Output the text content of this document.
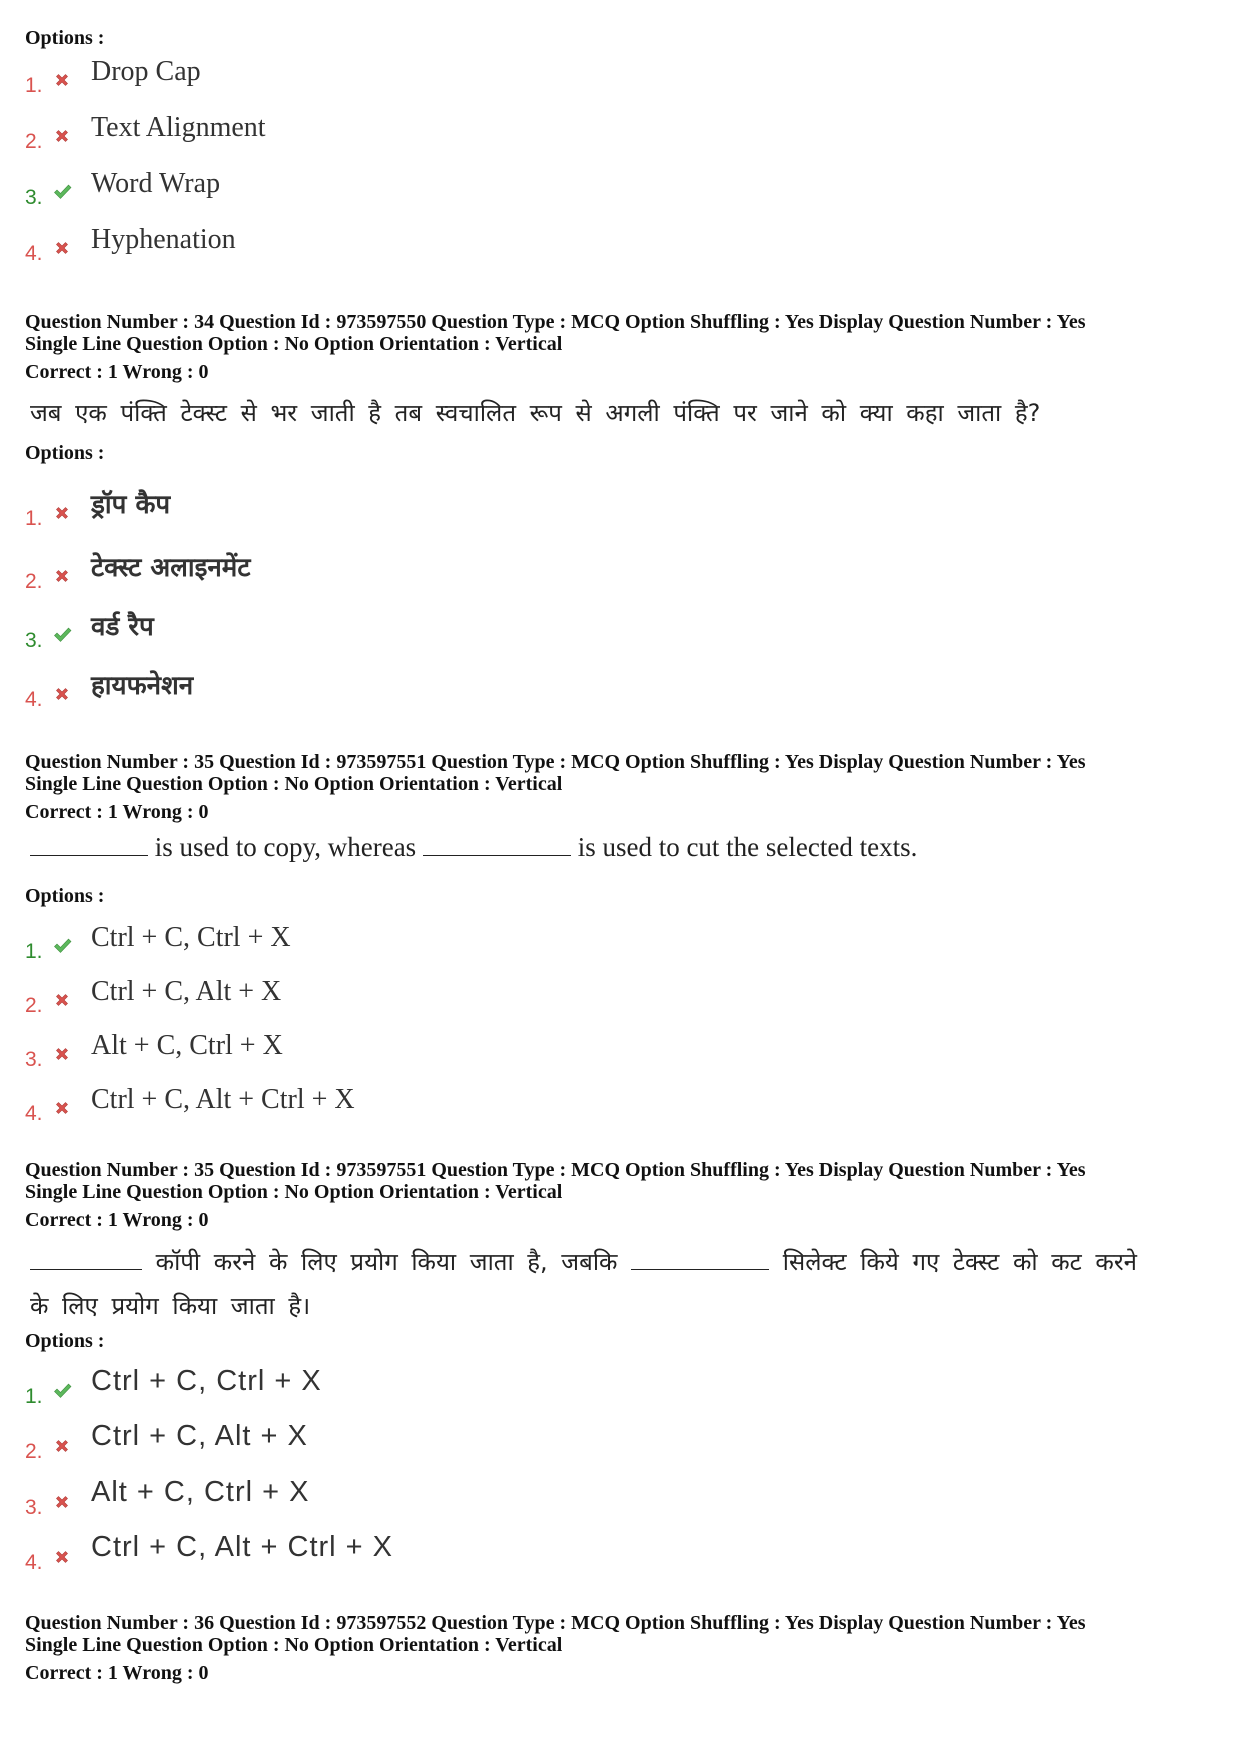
Options :
1. Drop Cap
2. Text Alignment
3. Word Wrap
4. Hyphenation
Question Number : 34 Question Id : 973597550 Question Type : MCQ Option Shuffling : Yes Display Question Number : Yes
Single Line Question Option : No Option Orientation : Vertical
Correct : 1 Wrong : 0
जब एक पंक्ति टेक्स्ट से भर जाती है तब स्वचालित रूप से अगली पंक्ति पर जाने को क्या कहा जाता है?
Options :
1. ड्रॉप कैप
2. टेक्स्ट अलाइनमेंट
3. वर्ड रैप
4. हायफनेशन
Question Number : 35 Question Id : 973597551 Question Type : MCQ Option Shuffling : Yes Display Question Number : Yes
Single Line Question Option : No Option Orientation : Vertical
Correct : 1 Wrong : 0
is used to copy, whereas	is used to cut the selected texts.
Options :
1. Ctrl + C, Ctrl + X
2. Ctrl + C, Alt + X
3. Alt + C, Ctrl + X
4. Ctrl + C, Alt + Ctrl + X
Question Number : 35 Question Id : 973597551 Question Type : MCQ Option Shuffling : Yes Display Question Number : Yes
Single Line Question Option : No Option Orientation : Vertical
Correct : 1 Wrong : 0
कॉपी करने के लिए प्रयोग किया जाता है, जबकि	सिलेक्ट किये गए टेक्स्ट को कट करने
के लिए प्रयोग किया जाता है।
Options :
1. Ctrl + C, Ctrl + X
2. Ctrl + C, Alt + X
3. Alt + C, Ctrl + X
4. Ctrl + C, Alt + Ctrl + X
Question Number : 36 Question Id : 973597552 Question Type : MCQ Option Shuffling : Yes Display Question Number : Yes
Single Line Question Option : No Option Orientation : Vertical
Correct : 1 Wrong : 0
